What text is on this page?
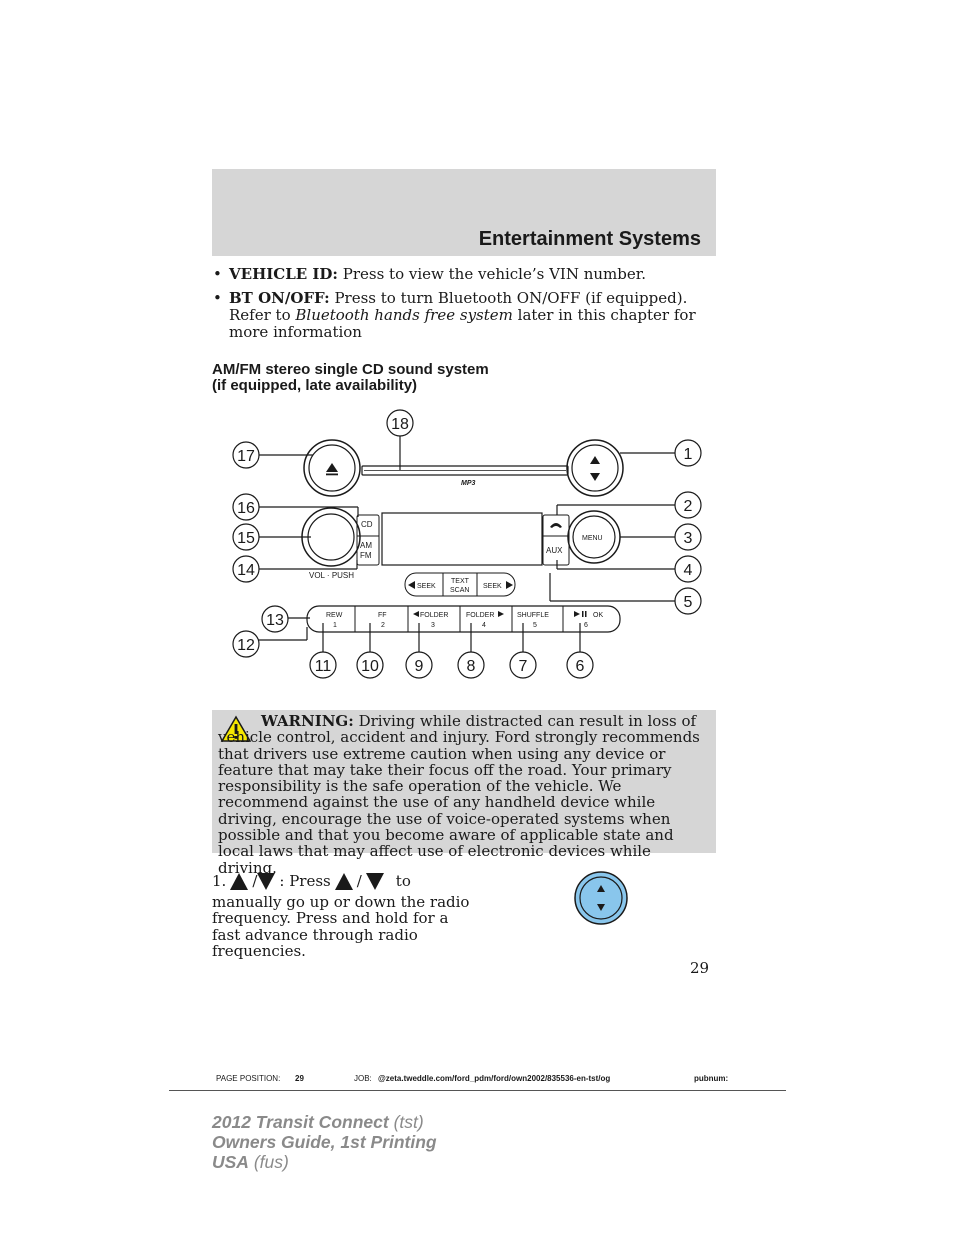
Entertainment Systems
• VEHICLE ID: Press to view the vehicle’s VIN number.
• BT ON/OFF: Press to turn Bluetooth ON/OFF (if equipped). Refer to Bluetooth hands free system later in this chapter for more information
AM/FM stereo single CD sound system
(if equipped, late availability)
MP3
VOL · PUSH
CD
AM
FM
AUX
MENU
SEEK
TEXT
SCAN
SEEK
REW
1
FF
2
FOLDER
3
FOLDER
4
SHUFFLE
5
OK
6
18
1
2
3
4
5
6
7
8
9
10
11
12
13
14
15
16
17
WARNING: Driving while distracted can result in loss of vehicle control, accident and injury. Ford strongly recommends that drivers use extreme caution when using any device or feature that may take their focus off the road. Your primary responsibility is the safe operation of the vehicle. We recommend against the use of any handheld device while driving, encourage the use of voice-operated systems when possible and that you become aware of applicable state and local laws that may affect use of electronic devices while driving.
1. / : Press / to
manually go up or down the radio frequency. Press and hold for a fast advance through radio frequencies.
29
PAGE POSITION: 29	JOB: @zeta.tweddle.com/ford_pdm/ford/own2002/835536-en-tst/og	pubnum:
2012 Transit Connect (tst)
Owners Guide, 1st Printing
USA (fus)
